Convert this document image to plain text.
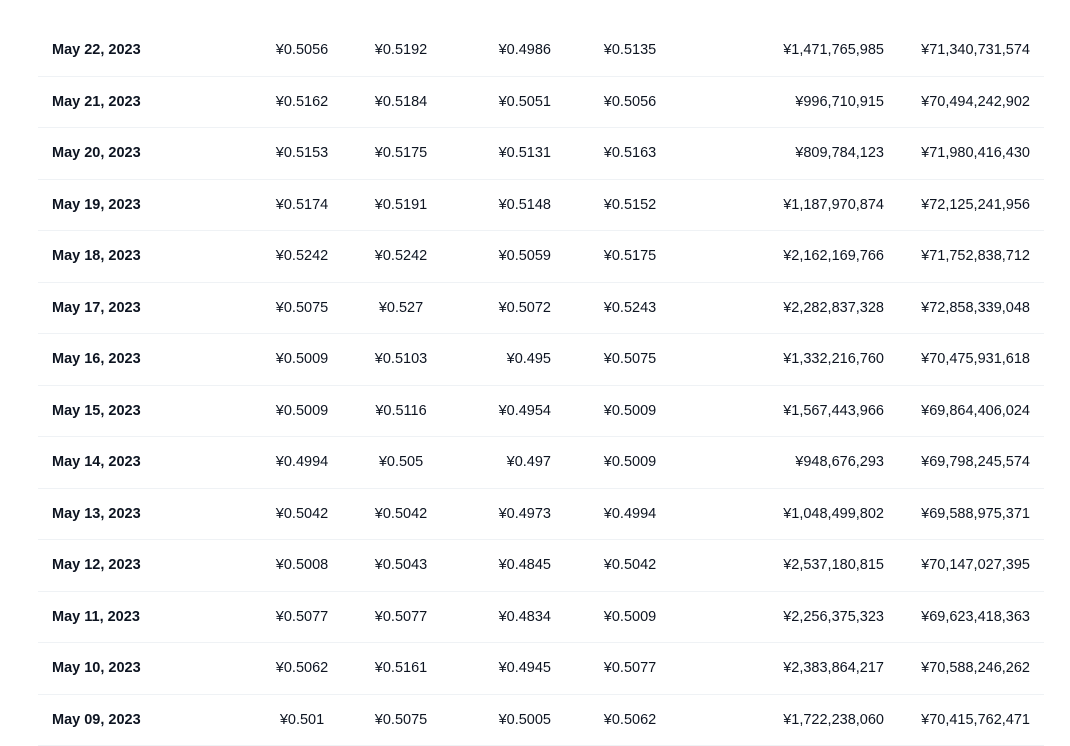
May 22, 2023	¥0.5056	¥0.5192	¥0.4986	¥0.5135	¥1,471,765,985	¥71,340,731,574
May 21, 2023	¥0.5162	¥0.5184	¥0.5051	¥0.5056	¥996,710,915	¥70,494,242,902
May 20, 2023	¥0.5153	¥0.5175	¥0.5131	¥0.5163	¥809,784,123	¥71,980,416,430
May 19, 2023	¥0.5174	¥0.5191	¥0.5148	¥0.5152	¥1,187,970,874	¥72,125,241,956
May 18, 2023	¥0.5242	¥0.5242	¥0.5059	¥0.5175	¥2,162,169,766	¥71,752,838,712
May 17, 2023	¥0.5075	¥0.527	¥0.5072	¥0.5243	¥2,282,837,328	¥72,858,339,048
May 16, 2023	¥0.5009	¥0.5103	¥0.495	¥0.5075	¥1,332,216,760	¥70,475,931,618
May 15, 2023	¥0.5009	¥0.5116	¥0.4954	¥0.5009	¥1,567,443,966	¥69,864,406,024
May 14, 2023	¥0.4994	¥0.505	¥0.497	¥0.5009	¥948,676,293	¥69,798,245,574
May 13, 2023	¥0.5042	¥0.5042	¥0.4973	¥0.4994	¥1,048,499,802	¥69,588,975,371
May 12, 2023	¥0.5008	¥0.5043	¥0.4845	¥0.5042	¥2,537,180,815	¥70,147,027,395
May 11, 2023	¥0.5077	¥0.5077	¥0.4834	¥0.5009	¥2,256,375,323	¥69,623,418,363
May 10, 2023	¥0.5062	¥0.5161	¥0.4945	¥0.5077	¥2,383,864,217	¥70,588,246,262
May 09, 2023	¥0.501	¥0.5075	¥0.5005	¥0.5062	¥1,722,238,060	¥70,415,762,471
